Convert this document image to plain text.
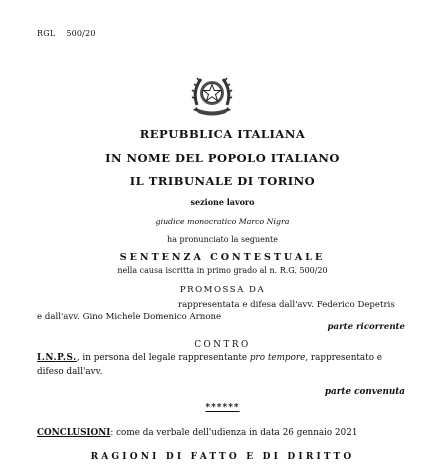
RGL 500/20
REPUBBLICA ITALIANA
IN NOME DEL POPOLO ITALIANO
IL TRIBUNALE DI TORINO
sezione lavoro
giudice monocratico Marco Nigra
ha pronunciato la seguente
SENTENZA CONTESTUALE
nella causa iscritta in primo grado al n. R.G. 500/20
PROMOSSA DA
rappresentata e difesa dall'avv. Federico Depetris
e dall'avv. Gino Michele Domenico Arnone
parte ricorrente
CONTRO
I.N.P.S., in persona del legale rappresentante pro tempore, rappresentato e
difeso dall'avv.
parte convenuta
******
CONCLUSIONI: come da verbale dell'udienza in data 26 gennaio 2021
RAGIONI DI FATTO E DI DIRITTO
